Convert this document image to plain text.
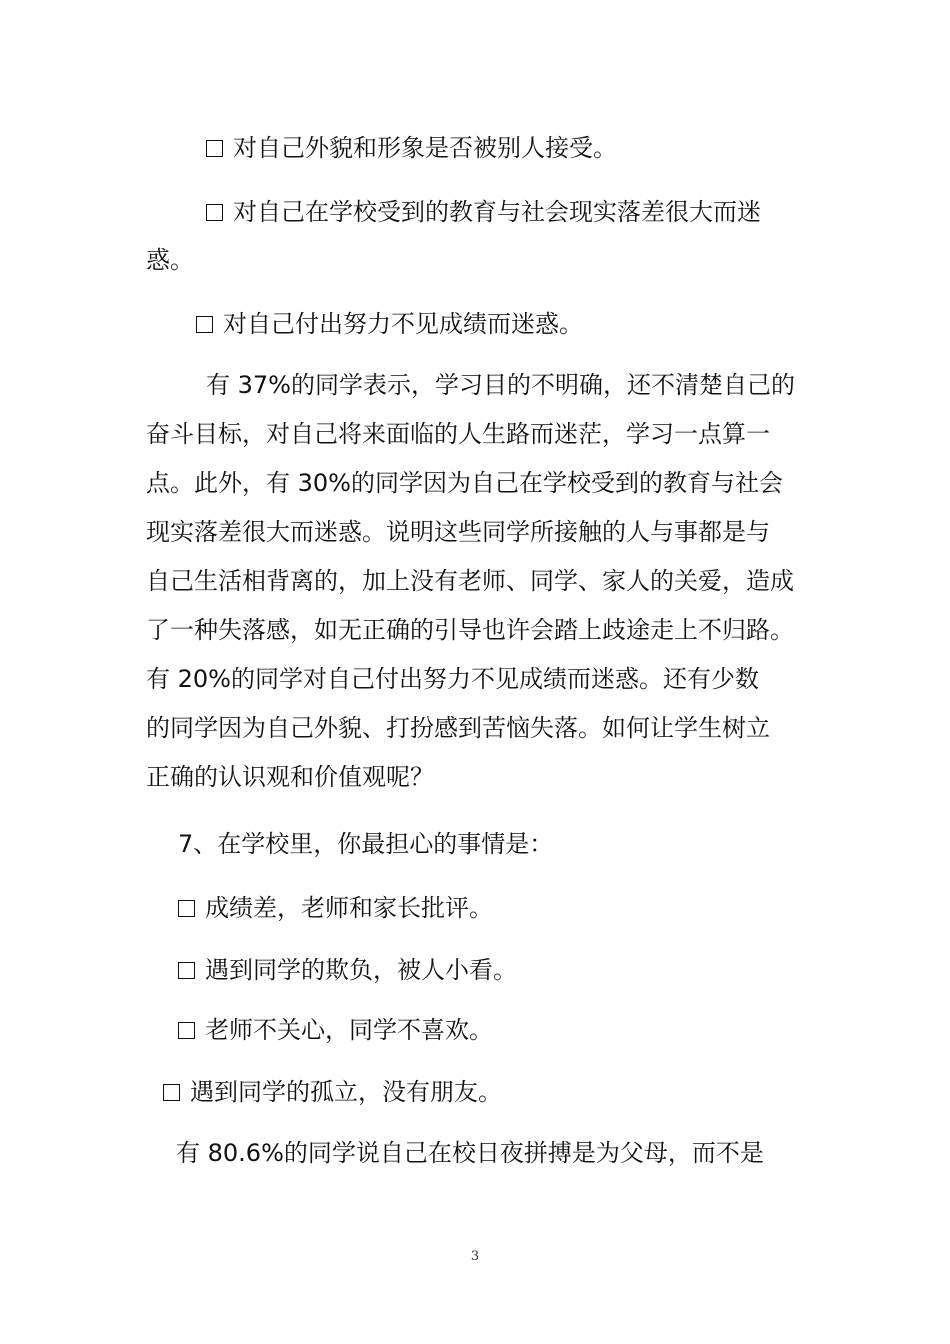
对自己外貌和形象是否被别人接受。
对自己在学校受到的教育与社会现实落差很大而迷
惑。
对自己付出努力不见成绩而迷惑。
有 37%的同学表示，学习目的不明确，还不清楚自己的
奋斗目标，对自己将来面临的人生路而迷茫，学习一点算一
点。此外，有 30%的同学因为自己在学校受到的教育与社会
现实落差很大而迷惑。说明这些同学所接触的人与事都是与
自己生活相背离的，加上没有老师、同学、家人的关爱，造成
了一种失落感，如无正确的引导也许会踏上歧途走上不归路。
有 20%的同学对自己付出努力不见成绩而迷惑。还有少数
的同学因为自己外貌、打扮感到苦恼失落。如何让学生树立
正确的认识观和价值观呢？
7、在学校里，你最担心的事情是：
成绩差，老师和家长批评。
遇到同学的欺负，被人小看。
老师不关心，同学不喜欢。
遇到同学的孤立，没有朋友。
有 80.6%的同学说自己在校日夜拼搏是为父母，而不是
3
